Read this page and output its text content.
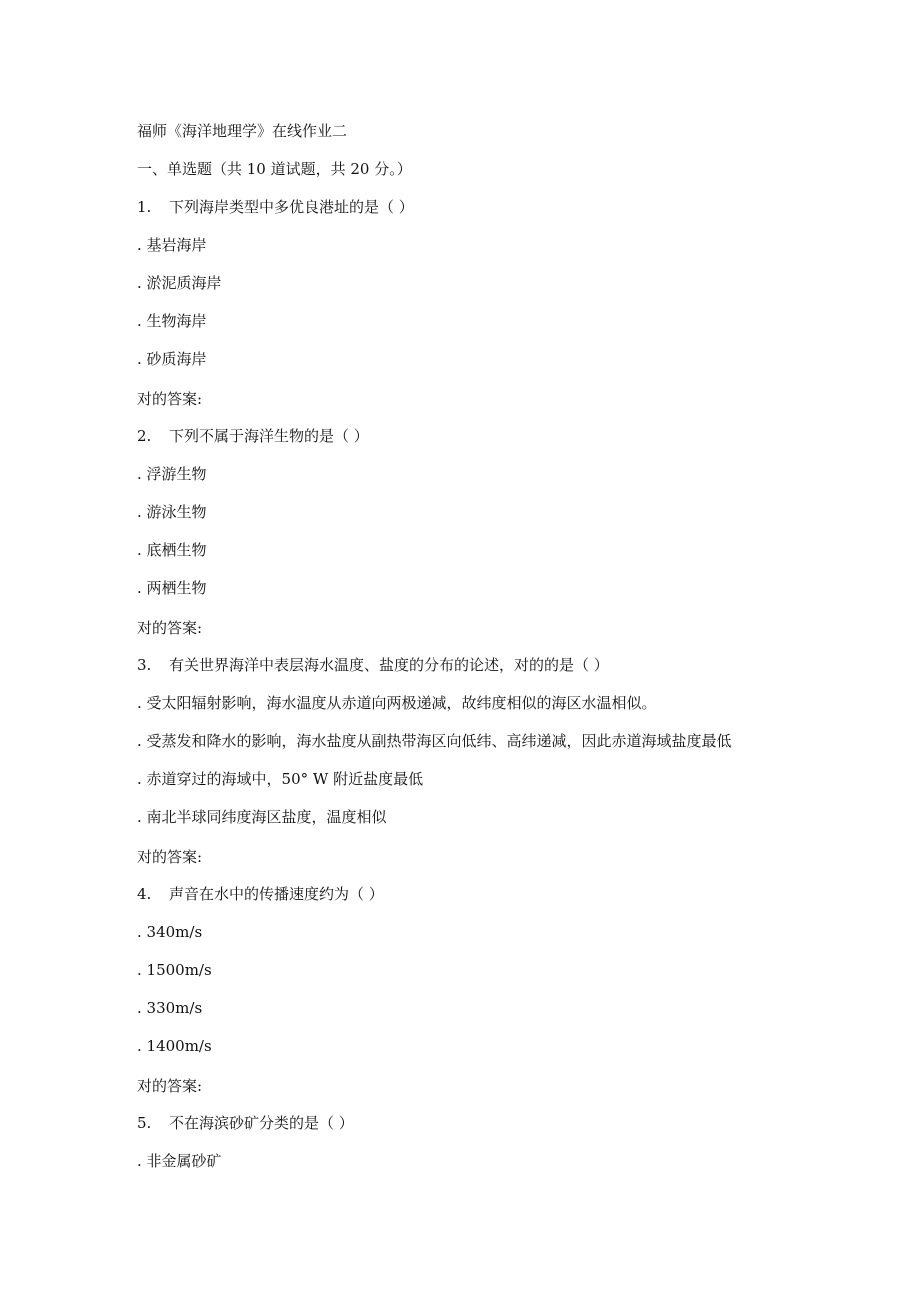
福师《海洋地理学》在线作业二
一、单选题（共 10 道试题，共 20 分。）
1. 下列海岸类型中多优良港址的是（ ）
. 基岩海岸
. 淤泥质海岸
. 生物海岸
. 砂质海岸
对的答案:
2. 下列不属于海洋生物的是（ ）
. 浮游生物
. 游泳生物
. 底栖生物
. 两栖生物
对的答案:
3. 有关世界海洋中表层海水温度、盐度的分布的论述，对的的是（ ）
. 受太阳辐射影响，海水温度从赤道向两极递减，故纬度相似的海区水温相似。
. 受蒸发和降水的影响，海水盐度从副热带海区向低纬、高纬递减，因此赤道海域盐度最低
. 赤道穿过的海域中，50° W 附近盐度最低
. 南北半球同纬度海区盐度，温度相似
对的答案:
4. 声音在水中的传播速度约为（ ）
. 340m/s
. 1500m/s
. 330m/s
. 1400m/s
对的答案:
5. 不在海滨砂矿分类的是（ ）
. 非金属砂矿
